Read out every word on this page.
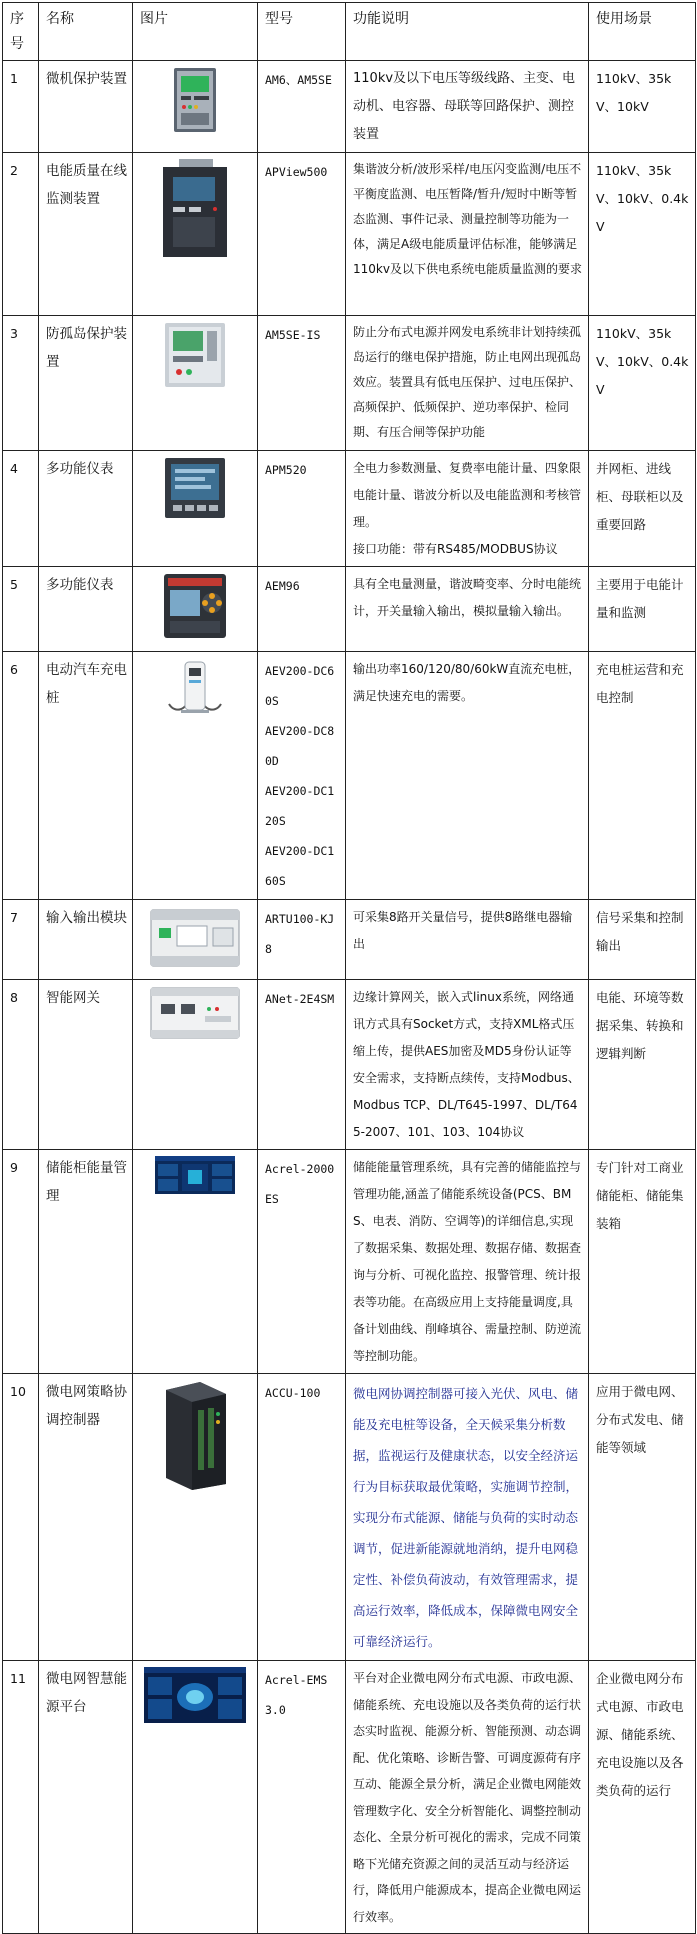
序号	名称	图片	型号	功能说明	使用场景
1	微机保护装置		AM6、AM5SE	110kv及以下电压等级线路、主变、电动机、电容器、母联等回路保护、测控装置	110kV、35kV、10kV
2	电能质量在线监测装置		APView500	集谐波分析/波形采样/电压闪变监测/电压不平衡度监测、电压暂降/暂升/短时中断等暂态监测、事件记录、测量控制等功能为一体，满足A级电能质量评估标准，能够满足110kv及以下供电系统电能质量监测的要求	110kV、35kV、10kV、0.4kV
3	防孤岛保护装置		AM5SE-IS	防止分布式电源并网发电系统非计划持续孤岛运行的继电保护措施，防止电网出现孤岛效应。装置具有低电压保护、过电压保护、高频保护、低频保护、逆功率保护、检同期、有压合闸等保护功能	110kV、35kV、10kV、0.4kV
4	多功能仪表		APM520	全电力参数测量、复费率电能计量、四象限电能计量、谐波分析以及电能监测和考核管理。
接口功能：带有RS485/MODBUS协议	并网柜、进线柜、母联柜以及重要回路
5	多功能仪表		AEM96	具有全电量测量，谐波畸变率、分时电能统计，开关量输入输出，模拟量输入输出。	主要用于电能计量和监测
6	电动汽车充电桩		AEV200-DC60S
AEV200-DC80D
AEV200-DC120S
AEV200-DC160S	输出功率160/120/80/60kW直流充电桩，满足快速充电的需要。	充电桩运营和充电控制
7	输入输出模块		ARTU100-KJ8	可采集8路开关量信号，提供8路继电器输出	信号采集和控制输出
8	智能网关		ANet-2E4SM	边缘计算网关，嵌入式linux系统，网络通讯方式具有Socket方式，支持XML格式压缩上传，提供AES加密及MD5身份认证等安全需求，支持断点续传，支持Modbus、Modbus TCP、DL/T645-1997、DL/T645-2007、101、103、104协议	电能、环境等数据采集、转换和逻辑判断
9	储能柜能量管理		Acrel-2000ES	储能能量管理系统，具有完善的储能监控与管理功能,涵盖了储能系统设备(PCS、BMS、电表、消防、空调等)的详细信息,实现了数据采集、数据处理、数据存储、数据查询与分析、可视化监控、报警管理、统计报表等功能。在高级应用上支持能量调度,具备计划曲线、削峰填谷、需量控制、防逆流等控制功能。	专门针对工商业储能柜、储能集装箱
10	微电网策略协调控制器		ACCU-100	微电网协调控制器可接入光伏、风电、储能及充电桩等设备，全天候采集分析数据，监视运行及健康状态，以安全经济运行为目标获取最优策略，实施调节控制，实现分布式能源、储能与负荷的实时动态调节，促进新能源就地消纳，提升电网稳定性、补偿负荷波动，有效管理需求，提高运行效率，降低成本，保障微电网安全可靠经济运行。	应用于微电网、分布式发电、储能等领域
11	微电网智慧能源平台		Acrel-EMS3.0	平台对企业微电网分布式电源、市政电源、储能系统、充电设施以及各类负荷的运行状态实时监视、能源分析、智能预测、动态调配、优化策略、诊断告警、可调度源荷有序互动、能源全景分析，满足企业微电网能效管理数字化、安全分析智能化、调整控制动态化、全景分析可视化的需求，完成不同策略下光储充资源之间的灵活互动与经济运行，降低用户能源成本，提高企业微电网运行效率。	企业微电网分布式电源、市政电源、储能系统、充电设施以及各类负荷的运行
